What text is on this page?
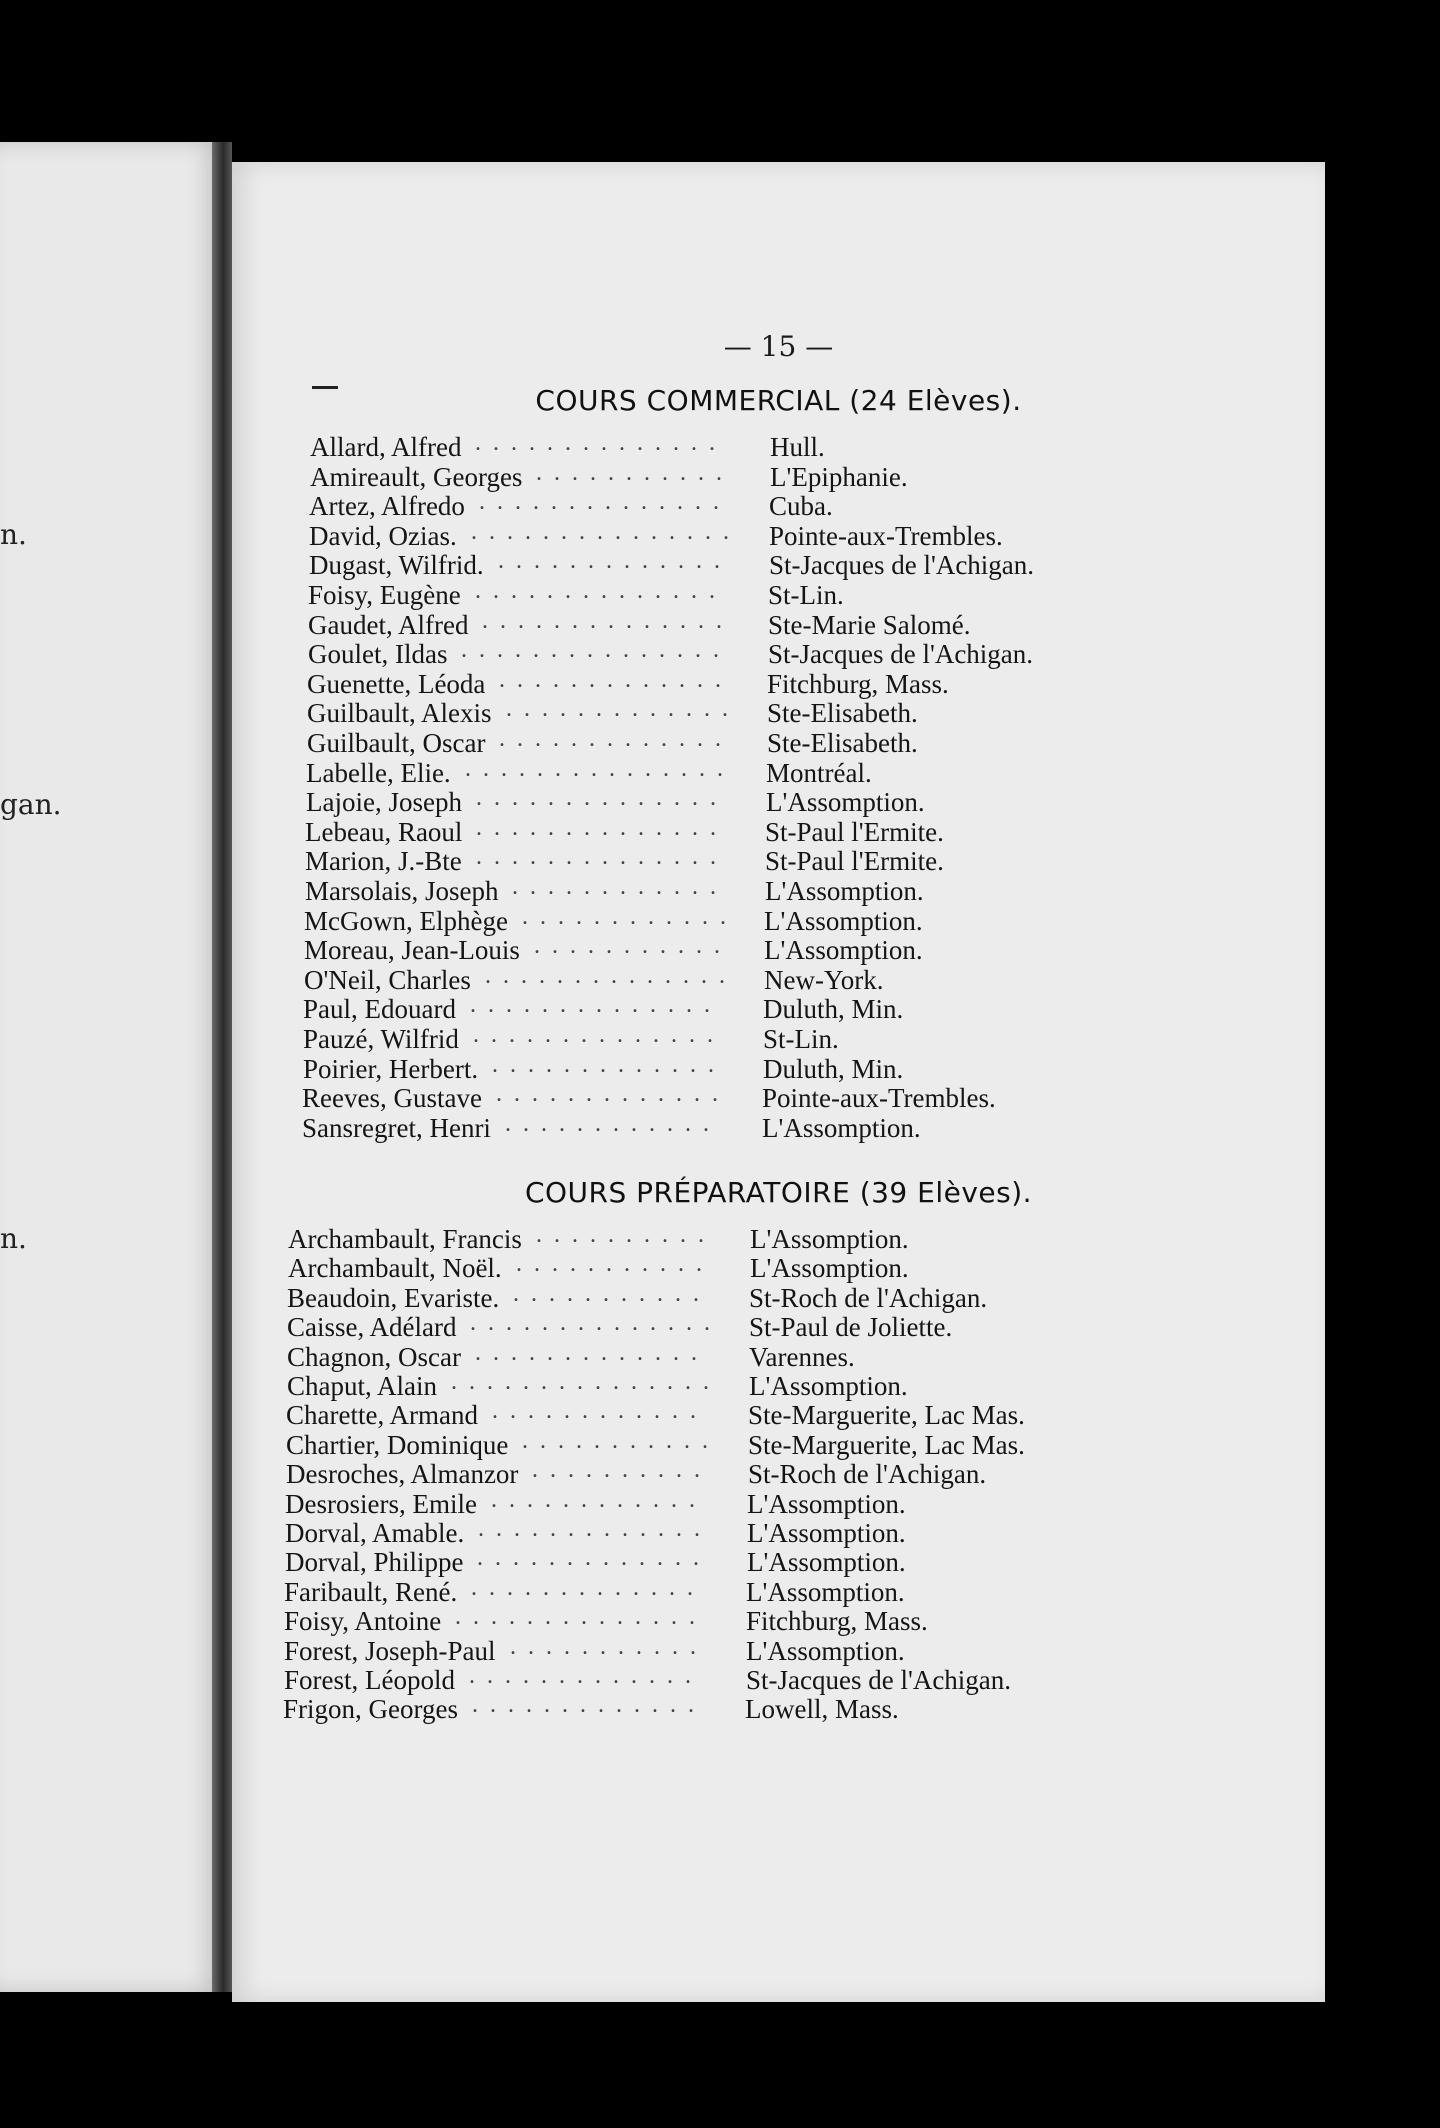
n.
gan.
n.
— 15 —
COURS COMMERCIAL (24 Elèves).
Allard, Alfred .............. Hull.
Amireault, Georges ........... L'Epiphanie.
Artez, Alfredo .............. Cuba.
David, Ozias. ............... Pointe-aux-Trembles.
Dugast, Wilfrid. ............. St-Jacques de l'Achigan.
Foisy, Eugène .............. St-Lin.
Gaudet, Alfred .............. Ste-Marie Salomé.
Goulet, Ildas ............... St-Jacques de l'Achigan.
Guenette, Léoda ............. Fitchburg, Mass.
Guilbault, Alexis ............. Ste-Elisabeth.
Guilbault, Oscar ............. Ste-Elisabeth.
Labelle, Elie. ............... Montréal.
Lajoie, Joseph .............. L'Assomption.
Lebeau, Raoul .............. St-Paul l'Ermite.
Marion, J.-Bte .............. St-Paul l'Ermite.
Marsolais, Joseph ............ L'Assomption.
McGown, Elphège ............ L'Assomption.
Moreau, Jean-Louis ........... L'Assomption.
O'Neil, Charles .............. New-York.
Paul, Edouard .............. Duluth, Min.
Pauzé, Wilfrid .............. St-Lin.
Poirier, Herbert. ............. Duluth, Min.
Reeves, Gustave ............. Pointe-aux-Trembles.
Sansregret, Henri ............ L'Assomption.
COURS PRÉPARATOIRE (39 Elèves).
Archambault, Francis .......... L'Assomption.
Archambault, Noël. ........... L'Assomption.
Beaudoin, Evariste. ........... St-Roch de l'Achigan.
Caisse, Adélard .............. St-Paul de Joliette.
Chagnon, Oscar ............. Varennes.
Chaput, Alain ............... L'Assomption.
Charette, Armand ............ Ste-Marguerite, Lac Mas.
Chartier, Dominique ........... Ste-Marguerite, Lac Mas.
Desroches, Almanzor .......... St-Roch de l'Achigan.
Desrosiers, Emile ............ L'Assomption.
Dorval, Amable. ............. L'Assomption.
Dorval, Philippe ............. L'Assomption.
Faribault, René. ............. L'Assomption.
Foisy, Antoine .............. Fitchburg, Mass.
Forest, Joseph-Paul ........... L'Assomption.
Forest, Léopold ............. St-Jacques de l'Achigan.
Frigon, Georges ............. Lowell, Mass.
